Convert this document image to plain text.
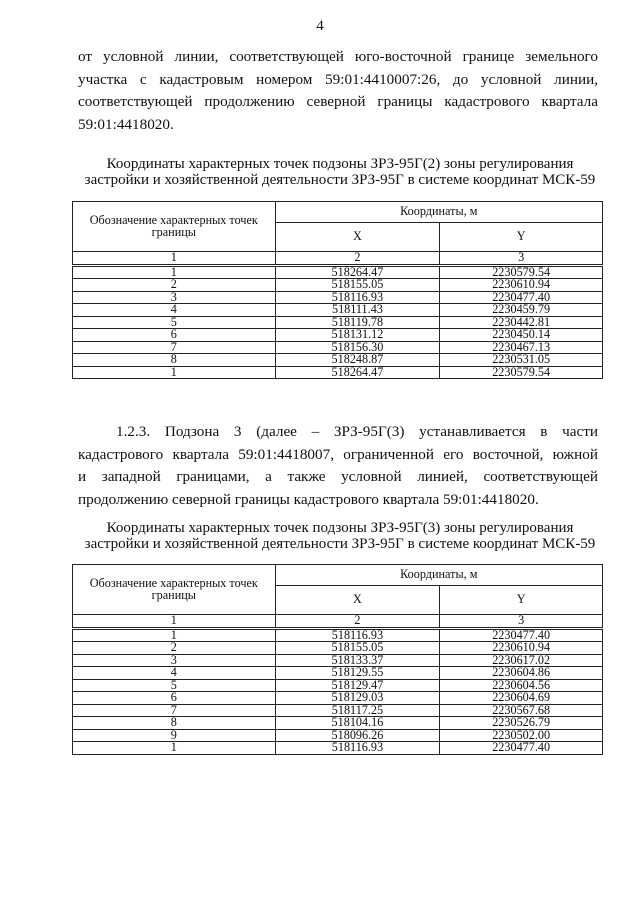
4

от условной линии, соответствующей юго-восточной границе земельного
участка с кадастровым номером 59:01:4410007:26, до условной линии,
соответствующей продолжению северной границы кадастрового квартала
59:01:4418020.

Координаты характерных точек подзоны ЗРЗ-95Г(2) зоны регулирования
застройки и хозяйственной деятельности ЗРЗ-95Г в системе координат МСК-59
Обозначение характерных точек границы	Координаты, м	
	X	Y
1	2	3
1	518264.47	2230579.54
2	518155.05	2230610.94
3	518116.93	2230477.40
4	518111.43	2230459.79
5	518119.78	2230442.81
6	518131.12	2230450.14
7	518156.30	2230467.13
8	518248.87	2230531.05
1	518264.47	2230579.54

1.2.3. Подзона 3 (далее – ЗРЗ-95Г(3) устанавливается в части
кадастрового квартала 59:01:4418007, ограниченной его восточной, южной
и западной границами, а также условной линией, соответствующей
продолжению северной границы кадастрового квартала 59:01:4418020.

Координаты характерных точек подзоны ЗРЗ-95Г(3) зоны регулирования
застройки и хозяйственной деятельности ЗРЗ-95Г в системе координат МСК-59
Обозначение характерных точек границы	Координаты, м	
	X	Y
1	2	3
1	518116.93	2230477.40
2	518155.05	2230610.94
3	518133.37	2230617.02
4	518129.55	2230604.86
5	518129.47	2230604.56
6	518129.03	2230604.69
7	518117.25	2230567.68
8	518104.16	2230526.79
9	518096.26	2230502.00
1	518116.93	2230477.40
